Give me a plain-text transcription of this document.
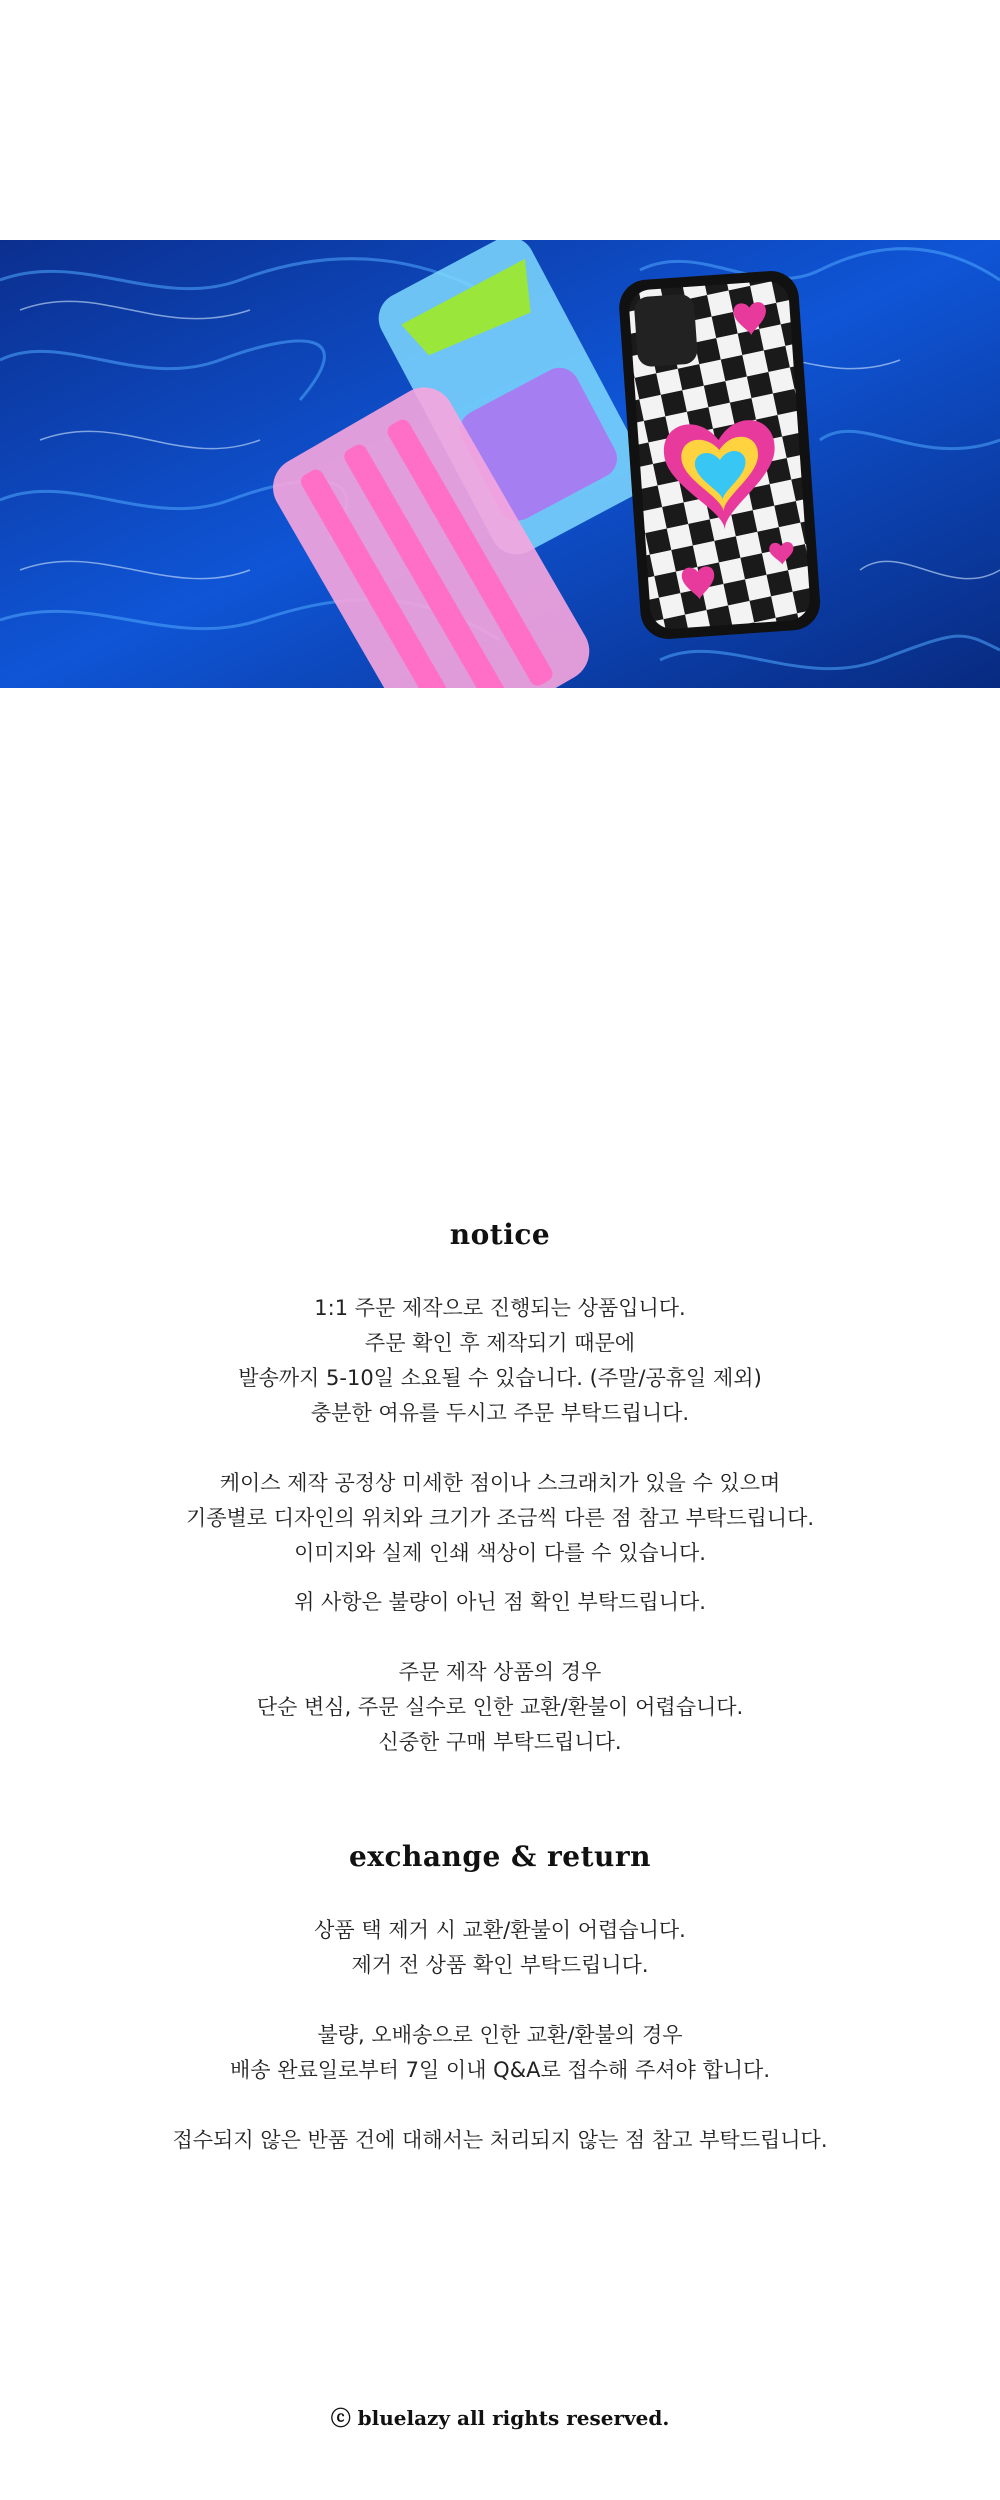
notice

1:1 주문 제작으로 진행되는 상품입니다.

주문 확인 후 제작되기 때문에

발송까지 5-10일 소요될 수 있습니다. (주말/공휴일 제외)

충분한 여유를 두시고 주문 부탁드립니다.

케이스 제작 공정상 미세한 점이나 스크래치가 있을 수 있으며

기종별로 디자인의 위치와 크기가 조금씩 다른 점 참고 부탁드립니다.

이미지와 실제 인쇄 색상이 다를 수 있습니다.

위 사항은 불량이 아닌 점 확인 부탁드립니다.

주문 제작 상품의 경우

단순 변심, 주문 실수로 인한 교환/환불이 어렵습니다.

신중한 구매 부탁드립니다.

exchange & return

상품 택 제거 시 교환/환불이 어렵습니다.

제거 전 상품 확인 부탁드립니다.

불량, 오배송으로 인한 교환/환불의 경우

배송 완료일로부터 7일 이내 Q&A로 접수해 주셔야 합니다.

접수되지 않은 반품 건에 대해서는 처리되지 않는 점 참고 부탁드립니다.

ⓒ bluelazy all rights reserved.
